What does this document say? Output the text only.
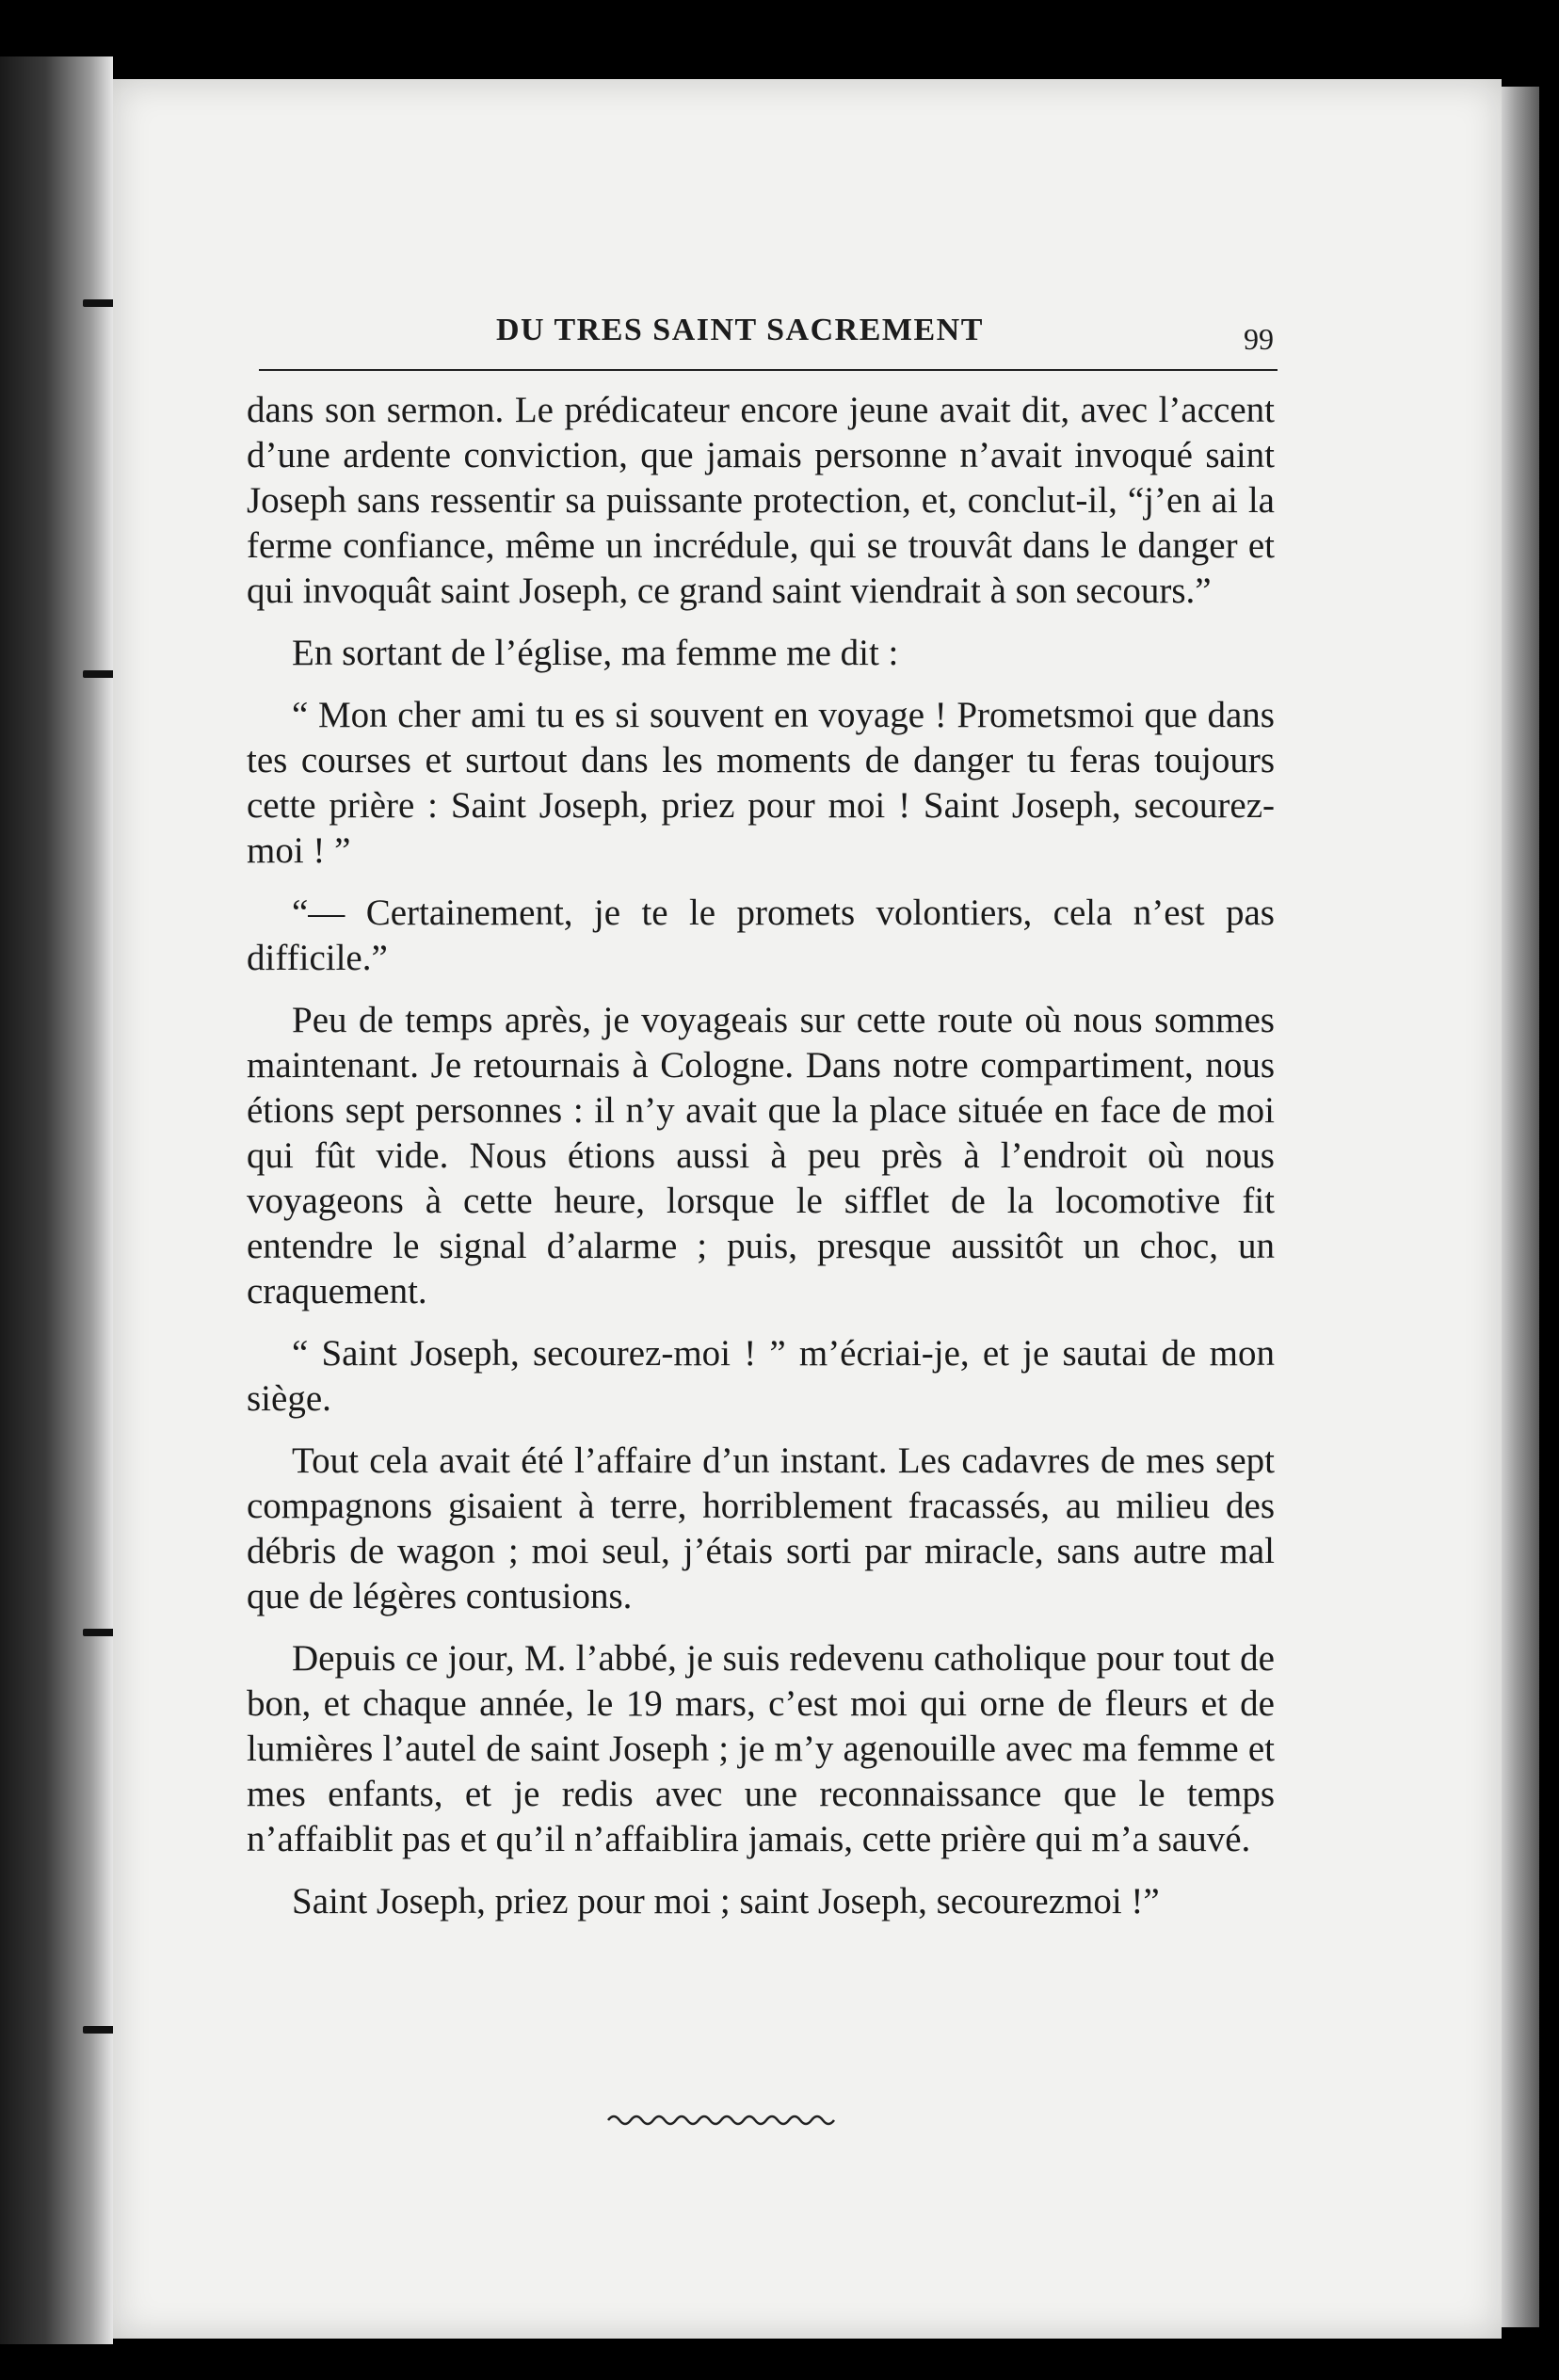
DU TRES SAINT SACREMENT	99

dans son sermon. Le prédicateur encore jeune avait dit, avec l’accent d’une ardente conviction, que jamais personne n’avait invoqué saint Joseph sans ressentir sa puissante protection, et, conclut-il, “j’en ai la ferme confiance, même un incrédule, qui se trouvât dans le danger et qui invoquât saint Joseph, ce grand saint viendrait à son secours.”

En sortant de l’église, ma femme me dit :

“ Mon cher ami tu es si souvent en voyage ! Prometsmoi que dans tes courses et surtout dans les moments de danger tu feras toujours cette prière : Saint Joseph, priez pour moi ! Saint Joseph, secourez-moi ! ”

“— Certainement, je te le promets volontiers, cela n’est pas difficile.”

Peu de temps après, je voyageais sur cette route où nous sommes maintenant. Je retournais à Cologne. Dans notre compartiment, nous étions sept personnes : il n’y avait que la place située en face de moi qui fût vide. Nous étions aussi à peu près à l’endroit où nous voyageons à cette heure, lorsque le sifflet de la locomotive fit entendre le signal d’alarme ; puis, presque aussitôt un choc, un craquement.

“ Saint Joseph, secourez-moi ! ” m’écriai-je, et je sautai de mon siège.

Tout cela avait été l’affaire d’un instant. Les cadavres de mes sept compagnons gisaient à terre, horriblement fracassés, au milieu des débris de wagon ; moi seul, j’étais sorti par miracle, sans autre mal que de légères contusions.

Depuis ce jour, M. l’abbé, je suis redevenu catholique pour tout de bon, et chaque année, le 19 mars, c’est moi qui orne de fleurs et de lumières l’autel de saint Joseph ; je m’y agenouille avec ma femme et mes enfants, et je redis avec une reconnaissance que le temps n’affaiblit pas et qu’il n’affaiblira jamais, cette prière qui m’a sauvé.

Saint Joseph, priez pour moi ; saint Joseph, secourezmoi !”
